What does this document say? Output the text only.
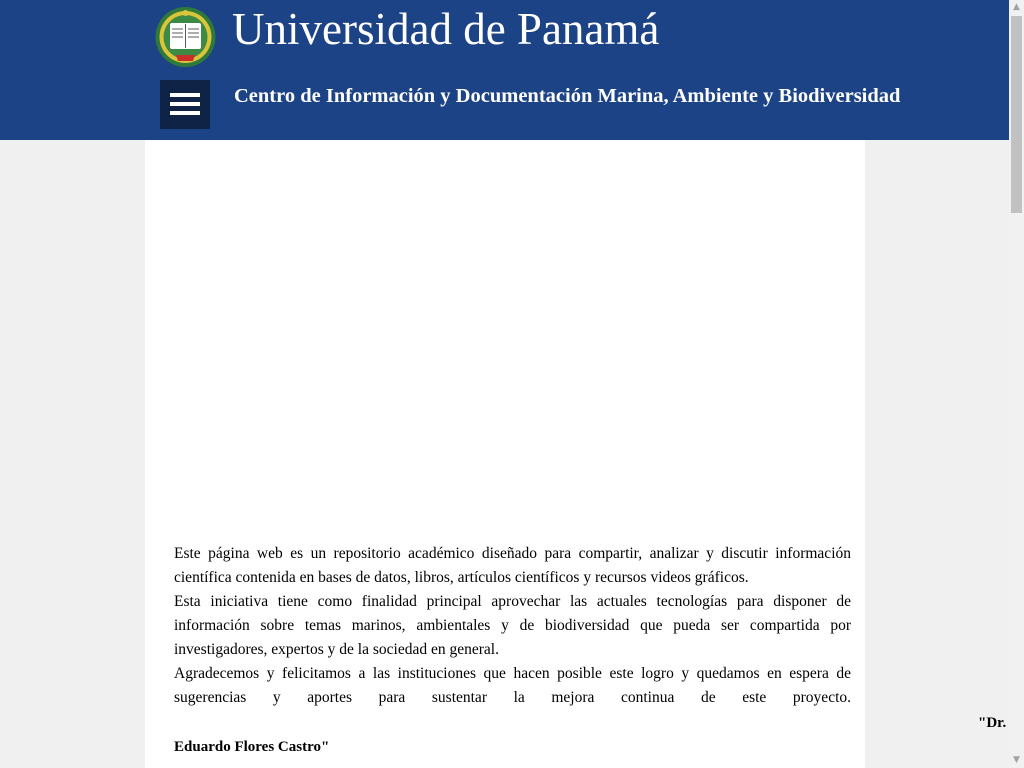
Universidad de Panamá
Centro de Información y Documentación Marina, Ambiente y Biodiversidad

Este página web es un repositorio académico diseñado para compartir, analizar y discutir información científica contenida en bases de datos, libros, artículos científicos y recursos videos gráficos.

Esta iniciativa tiene como finalidad principal aprovechar las actuales tecnologías para disponer de información sobre temas marinos, ambientales y de biodiversidad que pueda ser compartida por investigadores, expertos y de la sociedad en general.

Agradecemos y felicitamos a las instituciones que hacen posible este logro y quedamos en espera de sugerencias y aportes para sustentar la mejora continua de este proyecto.

"Dr.
Eduardo Flores Castro"
▲
▼
